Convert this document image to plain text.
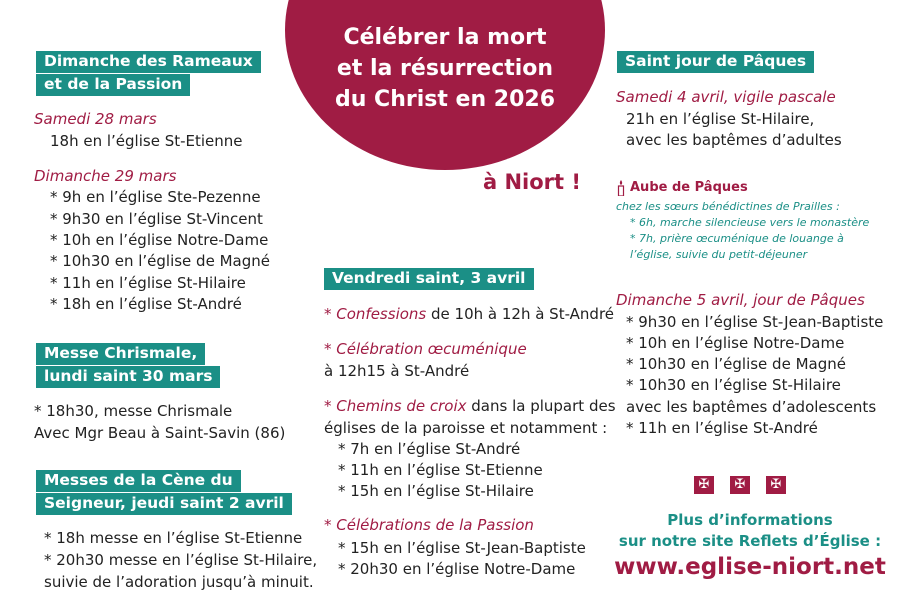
Célébrer la mort
et la résurrection
du Christ en 2026
à Niort !
Dimanche des Rameaux
et de la Passion
Samedi 28 mars
18h en l’église St-Etienne
Dimanche 29 mars
* 9h en l’église Ste-Pezenne
* 9h30 en l’église St-Vincent
* 10h en l’église Notre-Dame
* 10h30 en l’église de Magné
* 11h en l’église St-Hilaire
* 18h en l’église St-André
Messe Chrismale,
lundi saint 30 mars
* 18h30, messe Chrismale
Avec Mgr Beau à Saint-Savin (86)
Messes de la Cène du
Seigneur, jeudi saint 2 avril
* 18h messe en l’église St-Etienne
* 20h30 messe en l’église St-Hilaire,
suivie de l’adoration jusqu’à minuit.
Vendredi saint, 3 avril
* Confessions de 10h à 12h à St-André
* Célébration œcuménique
à 12h15 à St-André
* Chemins de croix dans la plupart des
églises de la paroisse et notamment :
* 7h en l’église St-André
* 11h en l’église St-Etienne
* 15h en l’église St-Hilaire
* Célébrations de la Passion
* 15h en l’église St-Jean-Baptiste
* 20h30 en l’église Notre-Dame
Saint jour de Pâques
Samedi 4 avril, vigile pascale
21h en l’église St-Hilaire,
avec les baptêmes d’adultes
Aube de Pâques
chez les sœurs bénédictines de Prailles :
* 6h, marche silencieuse vers le monastère
* 7h, prière œcuménique de louange à
l’église, suivie du petit-déjeuner
Dimanche 5 avril, jour de Pâques
* 9h30 en l’église St-Jean-Baptiste
* 10h en l’église Notre-Dame
* 10h30 en l’église de Magné
* 10h30 en l’église St-Hilaire
avec les baptêmes d’adolescents
* 11h en l’église St-André
✠	✠	✠
Plus d’informations
sur notre site Reflets d’Église :
www.eglise-niort.net
